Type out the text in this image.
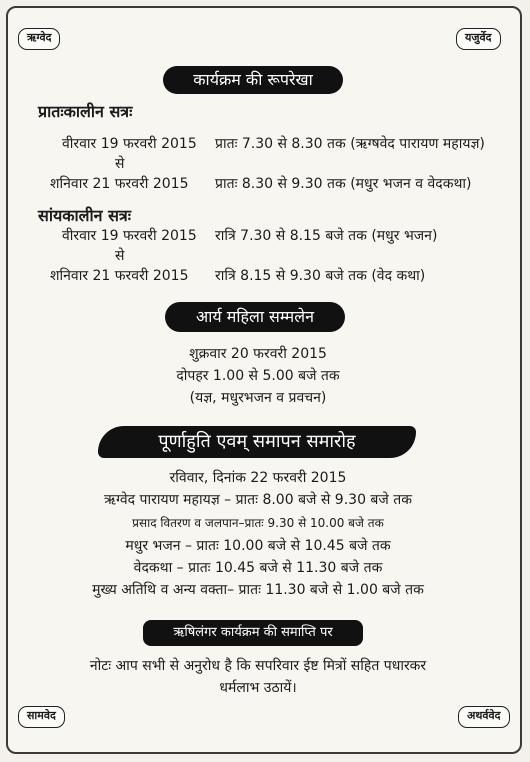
ऋग्वेद	यजुर्वेद
सामवेद	अथर्ववेद
कार्यक्रम की रूपरेखा
प्रातःकालीन सत्रः
वीरवार 19 फरवरी 2015 प्रातः 7.30 से 8.30 तक (ऋग्षवेद पारायण महायज्ञ)
से
शनिवार 21 फरवरी 2015 प्रातः 8.30 से 9.30 तक (मधुर भजन व वेदकथा)
सांयकालीन सत्रः
वीरवार 19 फरवरी 2015 रात्रि 7.30 से 8.15 बजे तक (मधुर भजन)
से
शनिवार 21 फरवरी 2015 रात्रि 8.15 से 9.30 बजे तक (वेद कथा)
आर्य महिला सम्मलेन
शुक्रवार 20 फरवरी 2015
दोपहर 1.00 से 5.00 बजे तक
(यज्ञ, मधुरभजन व प्रवचन)
पूर्णाहुति एवम् समापन समारोह
रविवार, दिनांक 22 फरवरी 2015
ऋग्वेद पारायण महायज्ञ – प्रातः 8.00 बजे से 9.30 बजे तक
प्रसाद वितरण व जलपान–प्रातः 9.30 से 10.00 बजे तक
मधुर भजन – प्रातः 10.00 बजे से 10.45 बजे तक
वेदकथा – प्रातः 10.45 बजे से 11.30 बजे तक
मुख्य अतिथि व अन्य वक्ता– प्रातः 11.30 बजे से 1.00 बजे तक
ऋषिलंगर कार्यक्रम की समाप्ति पर
नोटः आप सभी से अनुरोध है कि सपरिवार ईष्ट मित्रों सहित पधारकर
धर्मलाभ उठायें।
